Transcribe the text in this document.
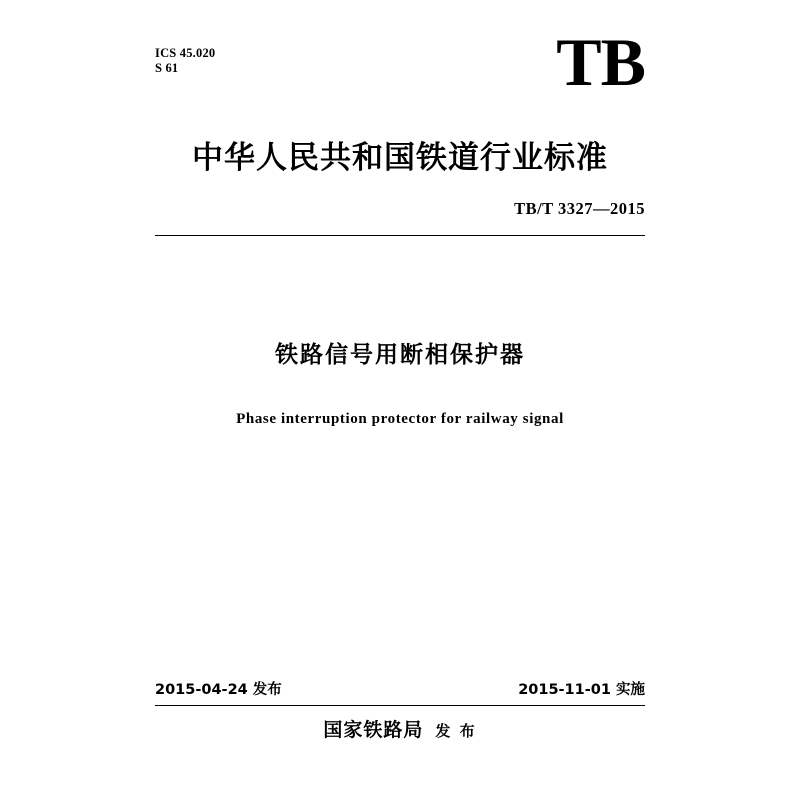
ICS 45.020
S 61	TB
中华人民共和国铁道行业标准
TB/T 3327—2015
铁路信号用断相保护器
Phase interruption protector for railway signal
2015-04-24 发布	2015-11-01 实施
国家铁路局 发 布
